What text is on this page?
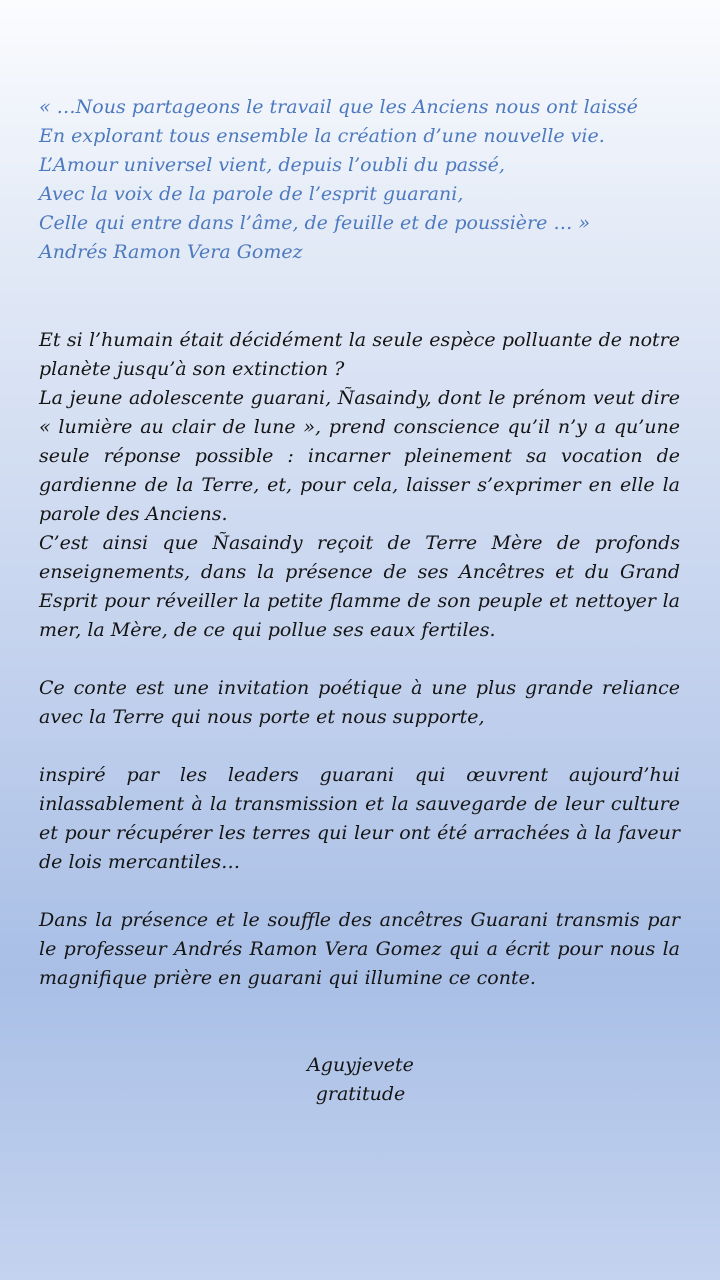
« …Nous partageons le travail que les Anciens nous ont laissé

En explorant tous ensemble la création d’une nouvelle vie.

L’Amour universel vient, depuis l’oubli du passé,

Avec la voix de la parole de l’esprit guarani,

Celle qui entre dans l’âme, de feuille et de poussière … »

Andrés Ramon Vera Gomez

Et si l’humain était décidément la seule espèce polluante de notre planète jusqu’à son extinction ?

La jeune adolescente guarani, Ñasaindy, dont le prénom veut dire « lumière au clair de lune », prend conscience qu’il n’y a qu’une seule réponse possible : incarner pleinement sa vocation de gardienne de la Terre, et, pour cela, laisser s’exprimer en elle la parole des Anciens.

C’est ainsi que Ñasaindy reçoit de Terre Mère de profonds enseignements, dans la présence de ses Ancêtres et du Grand Esprit pour réveiller la petite flamme de son peuple et nettoyer la mer, la Mère, de ce qui pollue ses eaux fertiles.

Ce conte est une invitation poétique à une plus grande reliance avec la Terre qui nous porte et nous supporte,

inspiré par les leaders guarani qui œuvrent aujourd’hui inlassablement à la transmission et la sauvegarde de leur culture et pour récupérer les terres qui leur ont été arrachées à la faveur de lois mercantiles…

Dans la présence et le souffle des ancêtres Guarani transmis par le professeur Andrés Ramon Vera Gomez qui a écrit pour nous la magnifique prière en guarani qui illumine ce conte.

Aguyjevete

gratitude
